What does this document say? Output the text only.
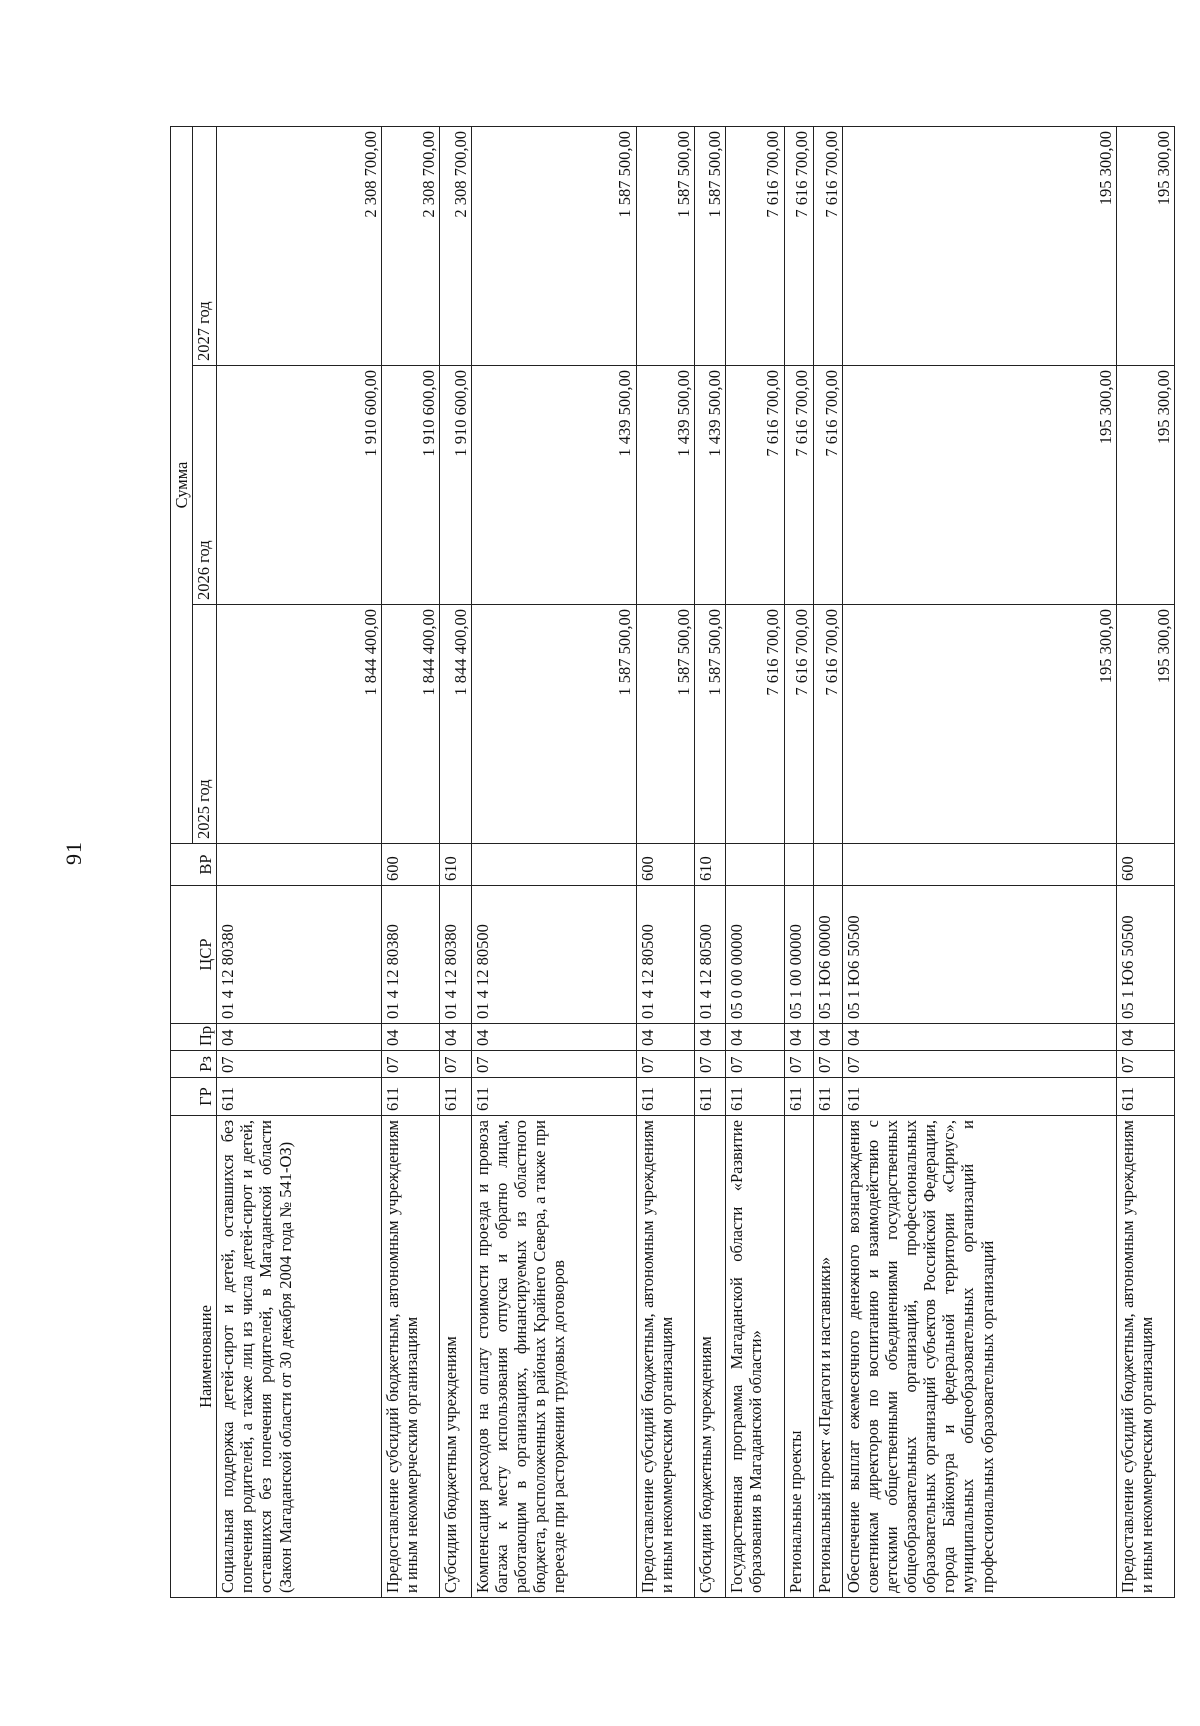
91
Наименование	ГР	Рз	Пр	ЦСР	ВР	Сумма		
						2025 год	2026 год	2027 год
Социальная поддержка детей-сирот и детей, оставшихся без попечения родителей, а также лиц из числа детей-сирот и детей, оставшихся без попечения родителей, в Магаданской области (Закон Магаданской области от 30 декабря 2004 года № 541-ОЗ)	611	07	04	01 4 12 80380		1 844 400,00	1 910 600,00	2 308 700,00
Предоставление субсидий бюджетным, автономным учреждениям и иным некоммерческим организациям	611	07	04	01 4 12 80380	600	1 844 400,00	1 910 600,00	2 308 700,00
Субсидии бюджетным учреждениям	611	07	04	01 4 12 80380	610	1 844 400,00	1 910 600,00	2 308 700,00
Компенсация расходов на оплату стоимости проезда и провоза багажа к месту использования отпуска и обратно лицам, работающим в организациях, финансируемых из областного бюджета, расположенных в районах Крайнего Севера, а также при переезде при расторжении трудовых договоров	611	07	04	01 4 12 80500		1 587 500,00	1 439 500,00	1 587 500,00
Предоставление субсидий бюджетным, автономным учреждениям и иным некоммерческим организациям	611	07	04	01 4 12 80500	600	1 587 500,00	1 439 500,00	1 587 500,00
Субсидии бюджетным учреждениям	611	07	04	01 4 12 80500	610	1 587 500,00	1 439 500,00	1 587 500,00
Государственная программа Магаданской области «Развитие образования в Магаданской области»	611	07	04	05 0 00 00000		7 616 700,00	7 616 700,00	7 616 700,00
Региональные проекты	611	07	04	05 1 00 00000		7 616 700,00	7 616 700,00	7 616 700,00
Региональный проект «Педагоги и наставники»	611	07	04	05 1 Ю6 00000		7 616 700,00	7 616 700,00	7 616 700,00
Обеспечение выплат ежемесячного денежного вознаграждения советникам директоров по воспитанию и взаимодействию с детскими общественными объединениями государственных общеобразовательных организаций, профессиональных образовательных организаций субъектов Российской Федерации, города Байконура и федеральной территории «Сириус», муниципальных общеобразовательных организаций и профессиональных образовательных организаций	611	07	04	05 1 Ю6 50500		195 300,00	195 300,00	195 300,00
Предоставление субсидий бюджетным, автономным учреждениям и иным некоммерческим организациям	611	07	04	05 1 Ю6 50500	600	195 300,00	195 300,00	195 300,00
